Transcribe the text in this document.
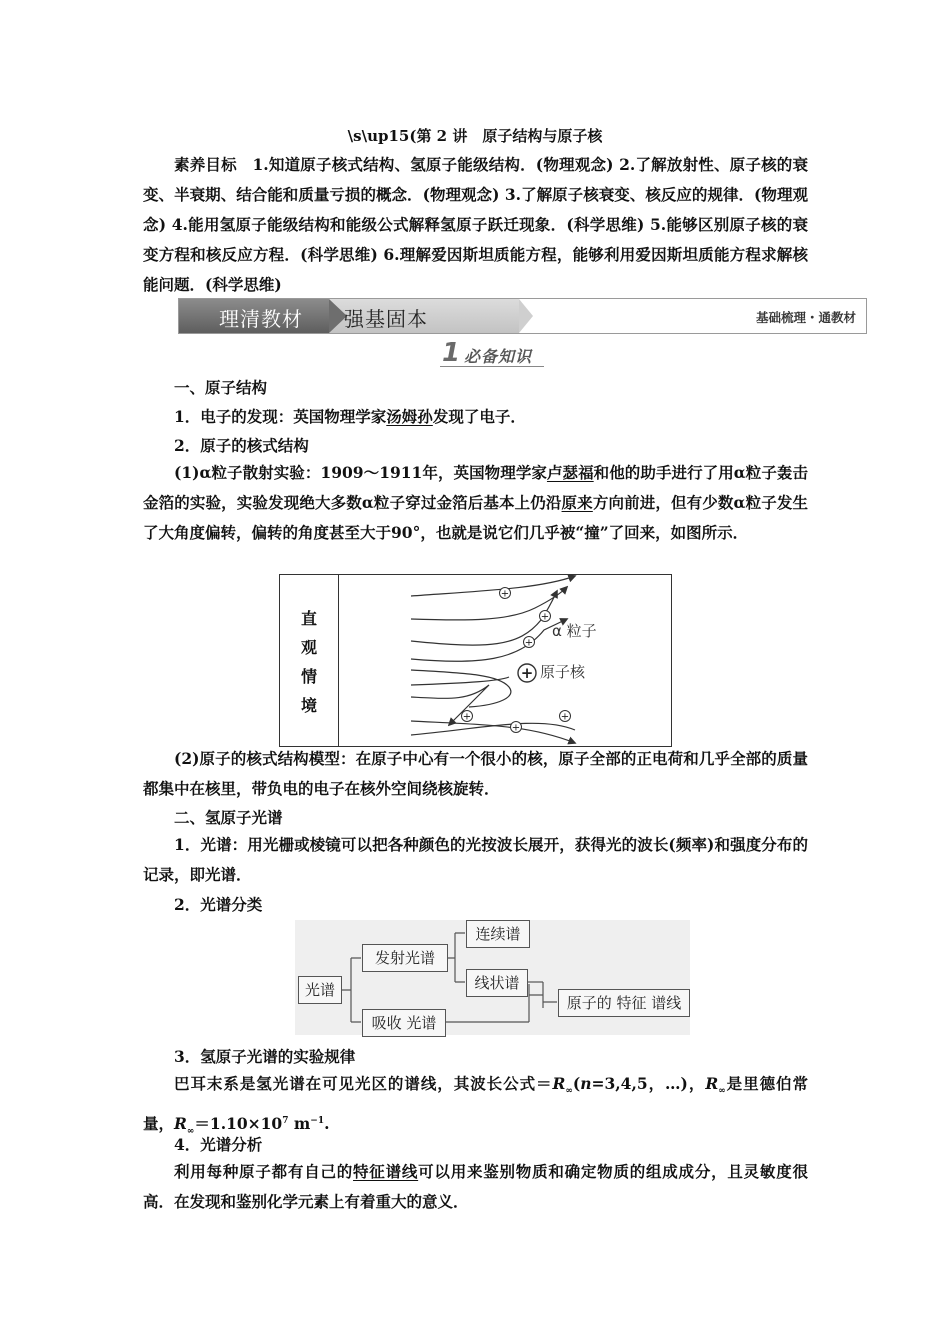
\s\up15(第 2 讲　原子结构与原子核

素养目标　 1.知道原子核式结构、氢原子能级结构．(物理观念) 2.了解放射性、原子核的衰变、半衰期、结合能和质量亏损的概念．(物理观念) 3.了解原子核衰变、核反应的规律．(物理观念) 4.能用氢原子能级结构和能级公式解释氢原子跃迁现象．(科学思维) 5.能够区别原子核的衰变方程和核反应方程．(科学思维) 6.理解爱因斯坦质能方程，能够利用爱因斯坦质能方程求解核能问题．(科学思维)

理清教材 强基固本	基础梳理・通教材
1 必备知识
一、原子结构
1．电子的发现：英国物理学家汤姆孙发现了电子．
2．原子的核式结构

(1)α粒子散射实验：1909～1911年，英国物理学家卢瑟福和他的助手进行了用α粒子轰击金箔的实验，实验发现绝大多数α粒子穿过金箔后基本上仍沿原来方向前进，但有少数α粒子发生了大角度偏转，偏转的角度甚至大于90°，也就是说它们几乎被“撞”了回来，如图所示．

直
观
情
境
+
+
+
+
+
+
+
α 粒子
原子核

(2)原子的核式结构模型：在原子中心有一个很小的核，原子全部的正电荷和几乎全部的质量都集中在核里，带负电的电子在核外空间绕核旋转．

二、氢原子光谱

1．光谱：用光栅或棱镜可以把各种颜色的光按波长展开，获得光的波长(频率)和强度分布的记录，即光谱．

2．光谱分类
光谱
发射光谱
吸收 光谱
连续谱
线状谱
原子的 特征 谱线
3．氢原子光谱的实验规律

巴耳末系是氢光谱在可见光区的谱线，其波长公式$=R_\infty(n=3,4,5$，…)，$R_\infty$是里德伯常量，$R_\infty=1.10\times 10^7$ $m^{-1}$.

4．光谱分析

利用每种原子都有自己的特征谱线可以用来鉴别物质和确定物质的组成成分，且灵敏度很高．在发现和鉴别化学元素上有着重大的意义．
